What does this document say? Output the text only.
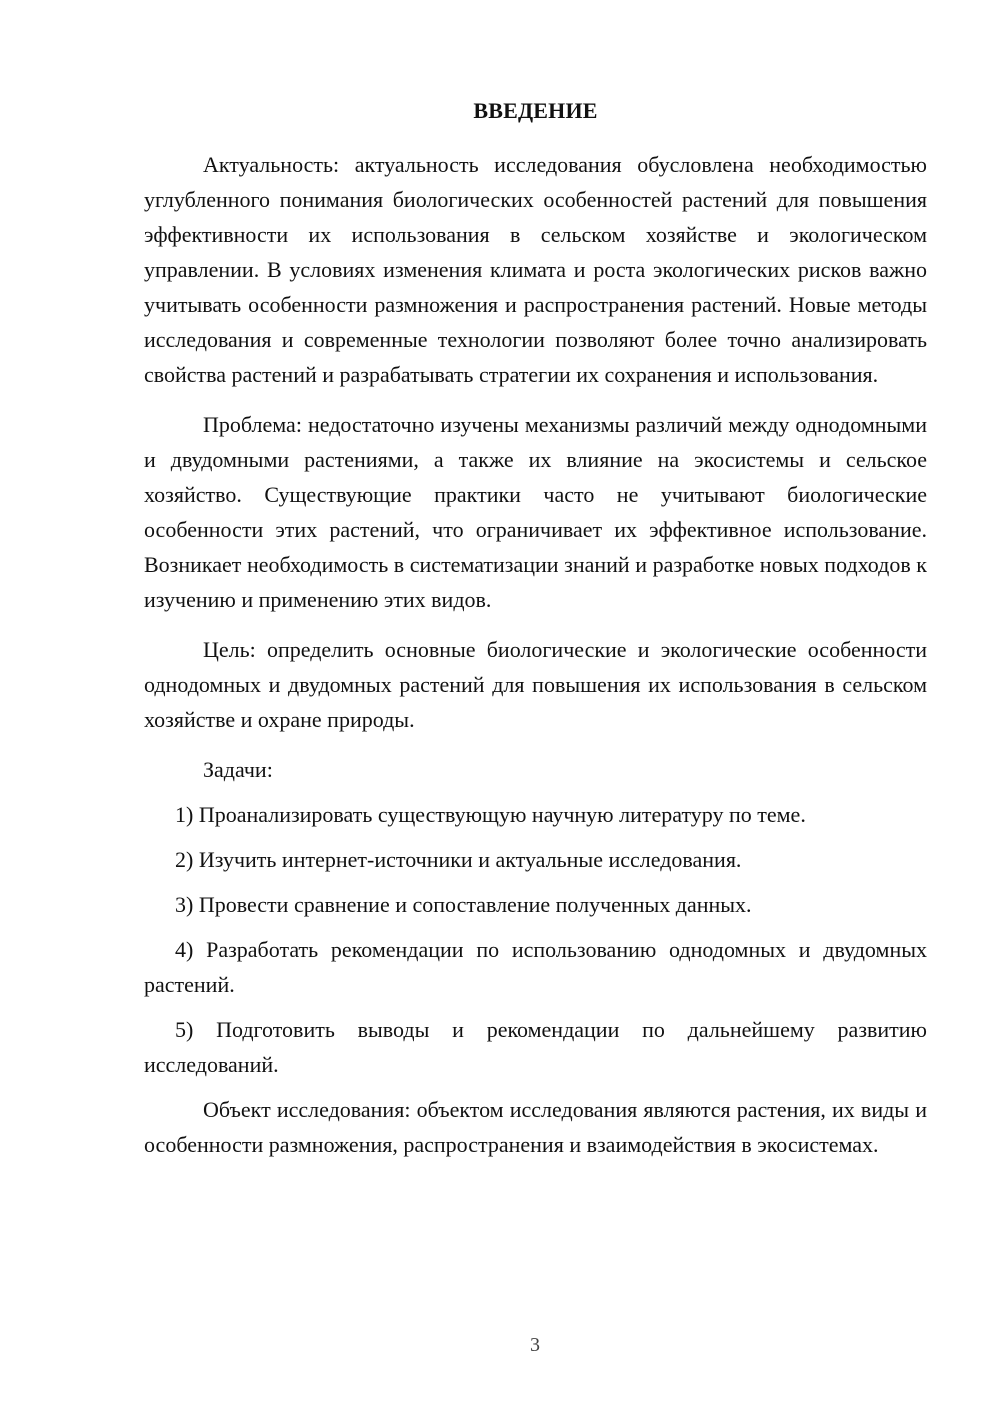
ВВЕДЕНИЕ

Актуальность: актуальность исследования обусловлена необходимостью углубленного понимания биологических особенностей растений для повышения эффективности их использования в сельском хозяйстве и экологическом управлении. В условиях изменения климата и роста экологических рисков важно учитывать особенности размножения и распространения растений. Новые методы исследования и современные технологии позволяют более точно анализировать свойства растений и разрабатывать стратегии их сохранения и использования.

Проблема: недостаточно изучены механизмы различий между однодомными и двудомными растениями, а также их влияние на экосистемы и сельское хозяйство. Существующие практики часто не учитывают биологические особенности этих растений, что ограничивает их эффективное использование. Возникает необходимость в систематизации знаний и разработке новых подходов к изучению и применению этих видов.

Цель: определить основные биологические и экологические особенности однодомных и двудомных растений для повышения их использования в сельском хозяйстве и охране природы.

Задачи:

1) Проанализировать существующую научную литературу по теме.

2) Изучить интернет-источники и актуальные исследования.

3) Провести сравнение и сопоставление полученных данных.

4) Разработать рекомендации по использованию однодомных и двудомных растений.

5) Подготовить выводы и рекомендации по дальнейшему развитию исследований.

Объект исследования: объектом исследования являются растения, их виды и особенности размножения, распространения и взаимодействия в экосистемах.

3
